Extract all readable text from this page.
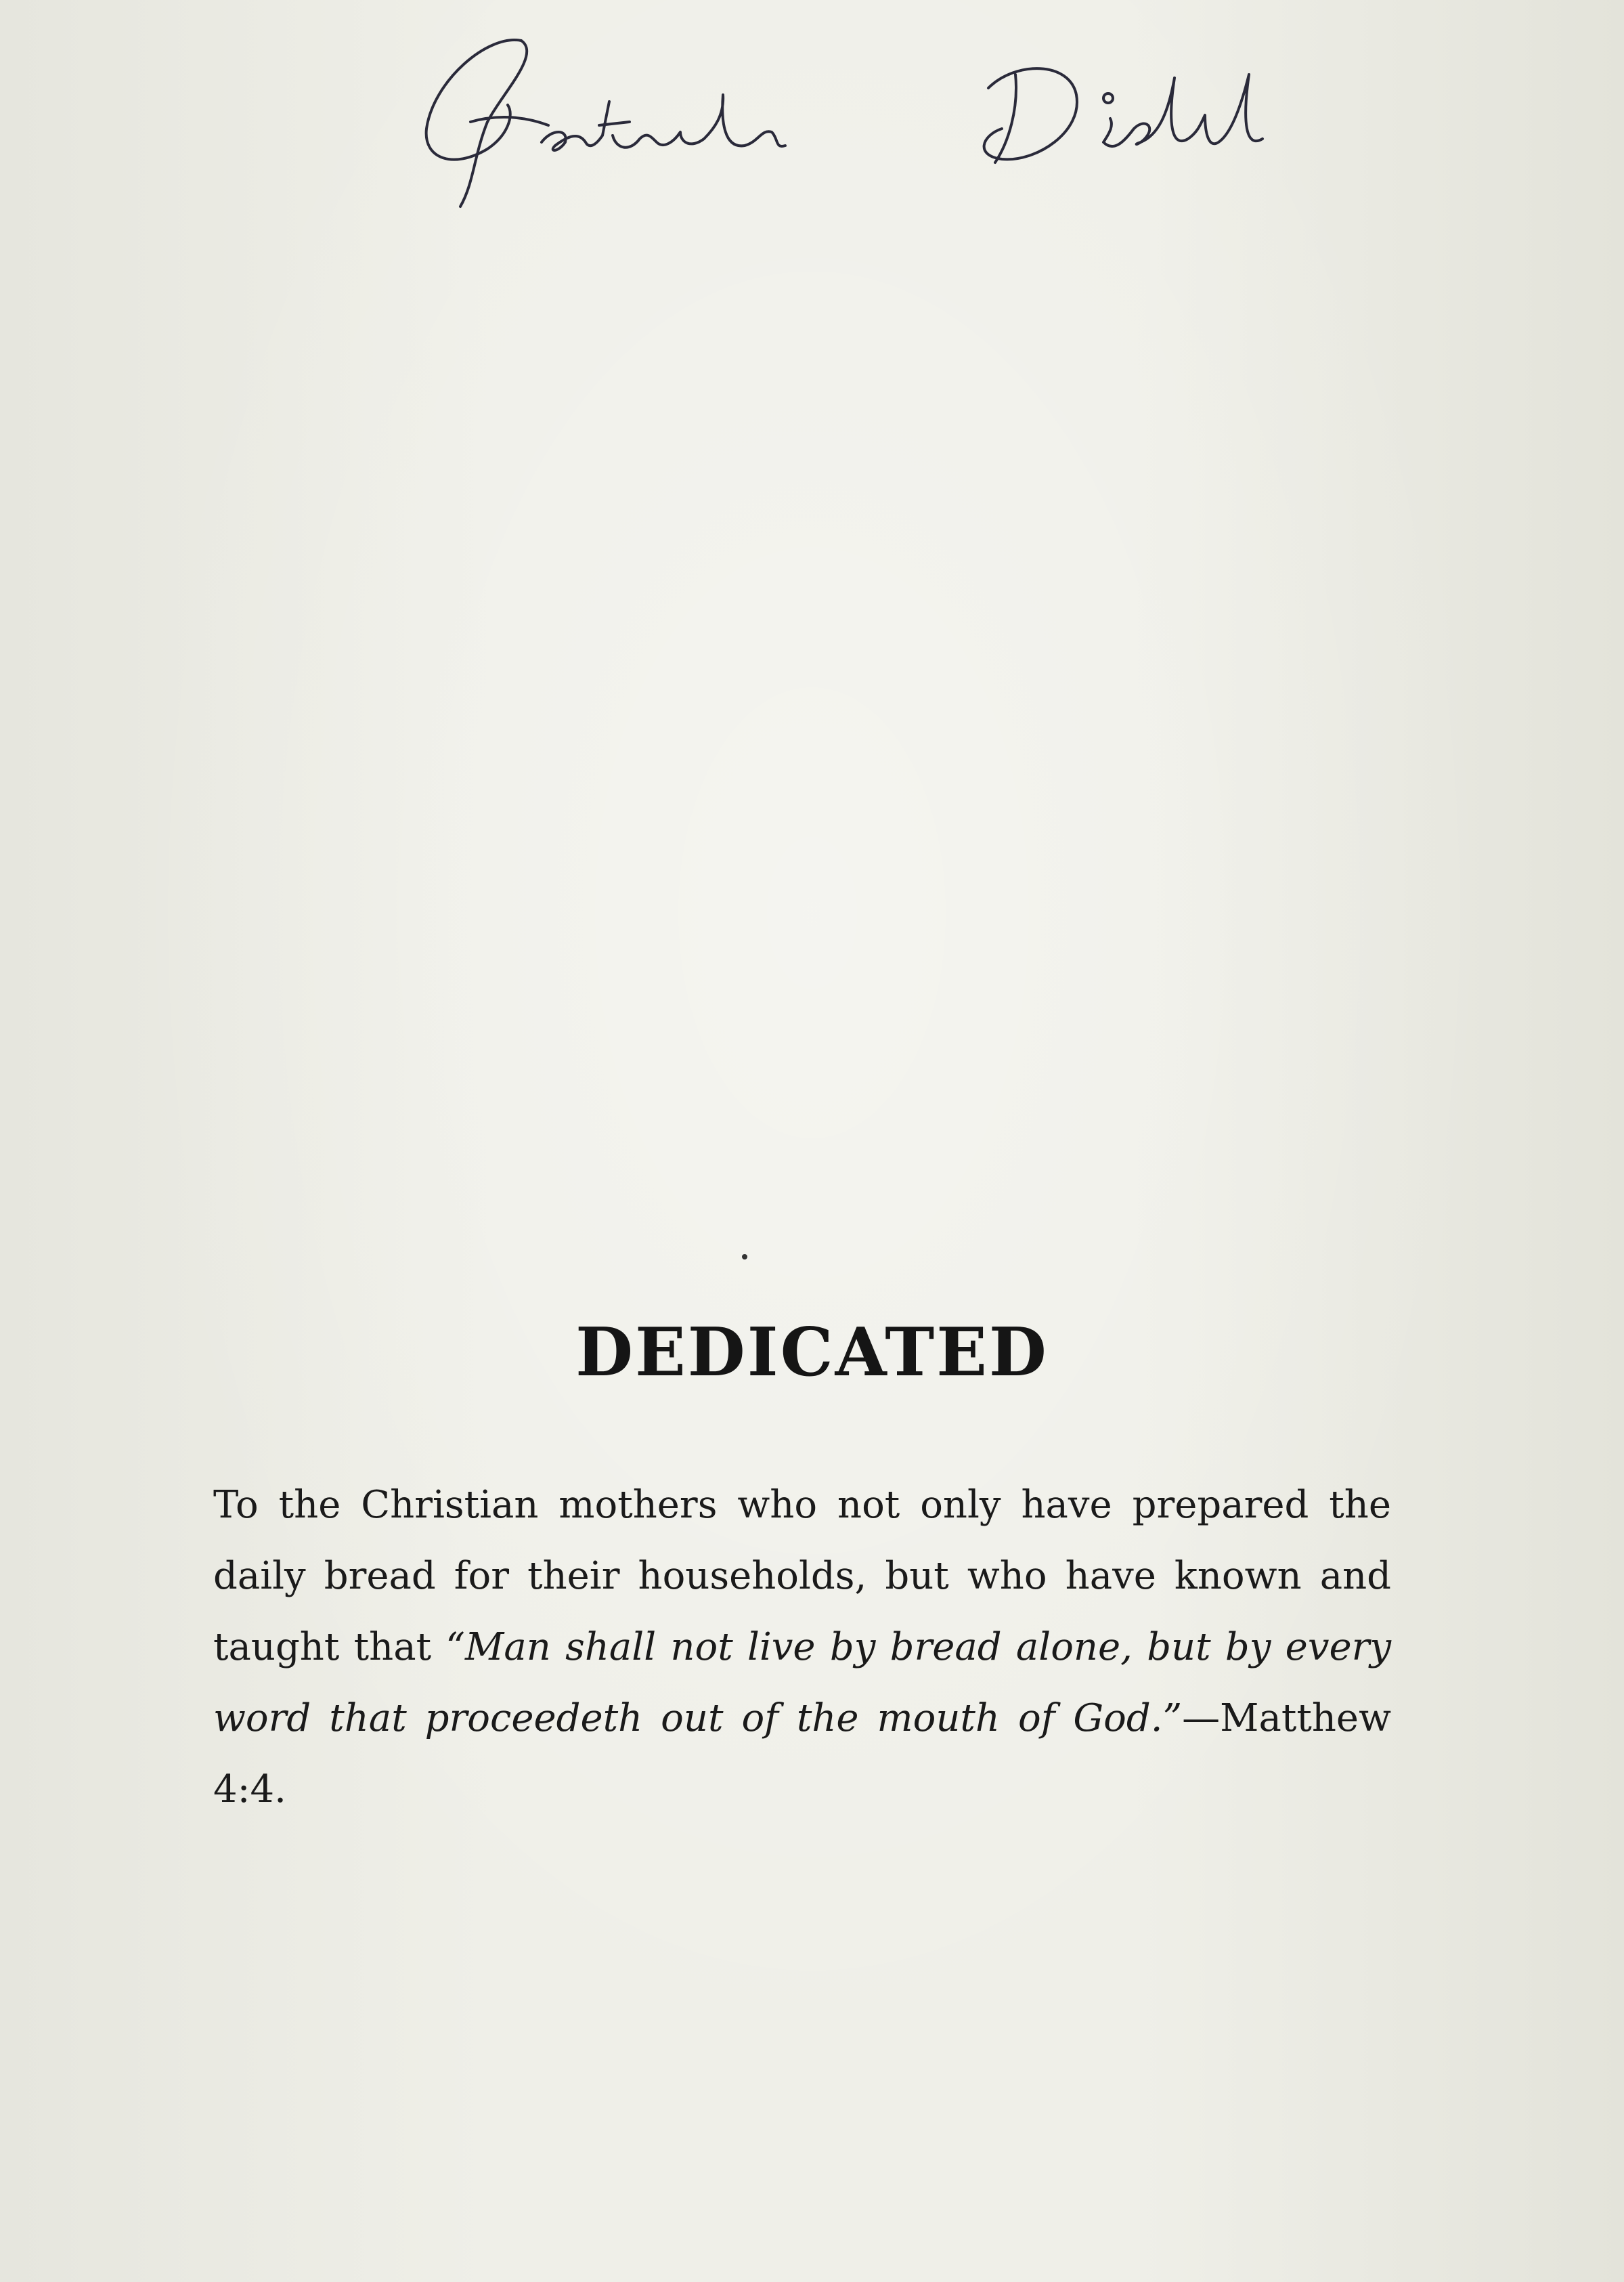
DEDICATED

To the Christian mothers who not only have prepared the daily bread for their households, but who have known and taught that “Man shall not live by bread alone, but by every word that proceedeth out of the mouth of God.”—Matthew 4:4.
